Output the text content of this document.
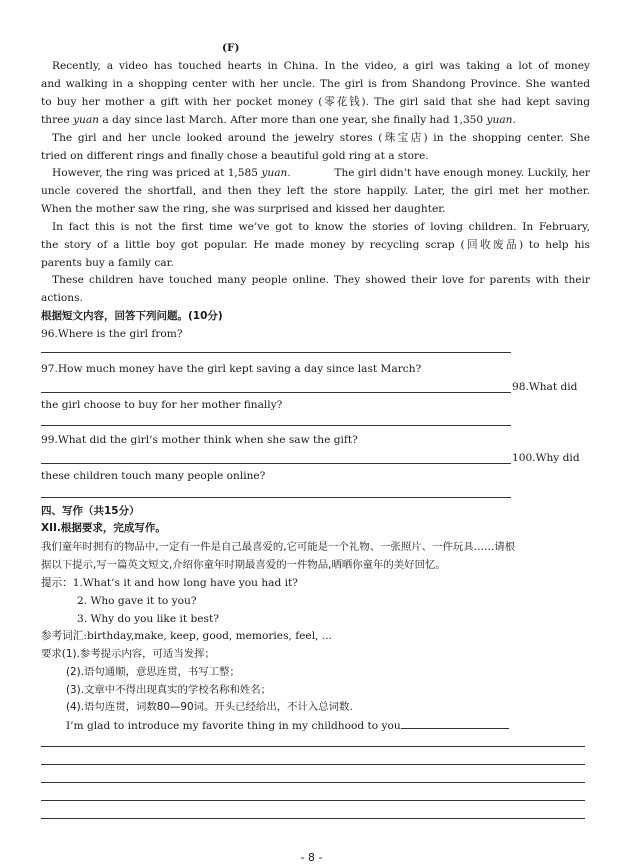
(F)
Recently, a video has touched hearts in China. In the video, a girl was taking a lot of money
and walking in a shopping center with her uncle. The girl is from Shandong Province. She wanted
to buy her mother a gift with her pocket money (零花钱). The girl said that she had kept saving
three yuan a day since last March. After more than one year, she finally had 1,350 yuan.
The girl and her uncle looked around the jewelry stores (珠宝店) in the shopping center. She
tried on different rings and finally chose a beautiful gold ring at a store.
However, the ring was priced at 1,585 yuan.	The girl didn’t have enough money. Luckily, her
uncle covered the shortfall, and then they left the store happily. Later, the girl met her mother.
When the mother saw the ring, she was surprised and kissed her daughter.
In fact this is not the first time we’ve got to know the stories of loving children. In February,
the story of a little boy got popular. He made money by recycling scrap (回收废品) to help his
parents buy a family car.
These children have touched many people online. They showed their love for parents with their
actions.
根据短文内容，回答下列问题。(10分)
96.Where is the girl from?
97.How much money have the girl kept saving a day since last March?
98.What did
the girl choose to buy for her mother finally?
99.What did the girl’s mother think when she saw the gift?
100.Why did
these children touch many people online?
四、写作（共15分）
XII.根据要求，完成写作。
我们童年时拥有的物品中,一定有一件是自己最喜爱的,它可能是一个礼物、一张照片、一件玩具……请根
据以下提示,写一篇英文短文,介绍你童年时期最喜爱的一件物品,晒晒你童年的美好回忆。
提示：1.What’s it and how long have you had it?
2. Who gave it to you?
3. Why do you like it best?
参考词汇:birthday,make, keep, good, memories, feel, ...
要求(1).参考提示内容，可适当发挥；
(2).语句通顺，意思连贯，书写工整；
(3).文章中不得出现真实的学校名称和姓名；
(4).语句连贯，词数80—90词。开头已经给出，不计入总词数.
I’m glad to introduce my favorite thing in my childhood to you
- 8 -
